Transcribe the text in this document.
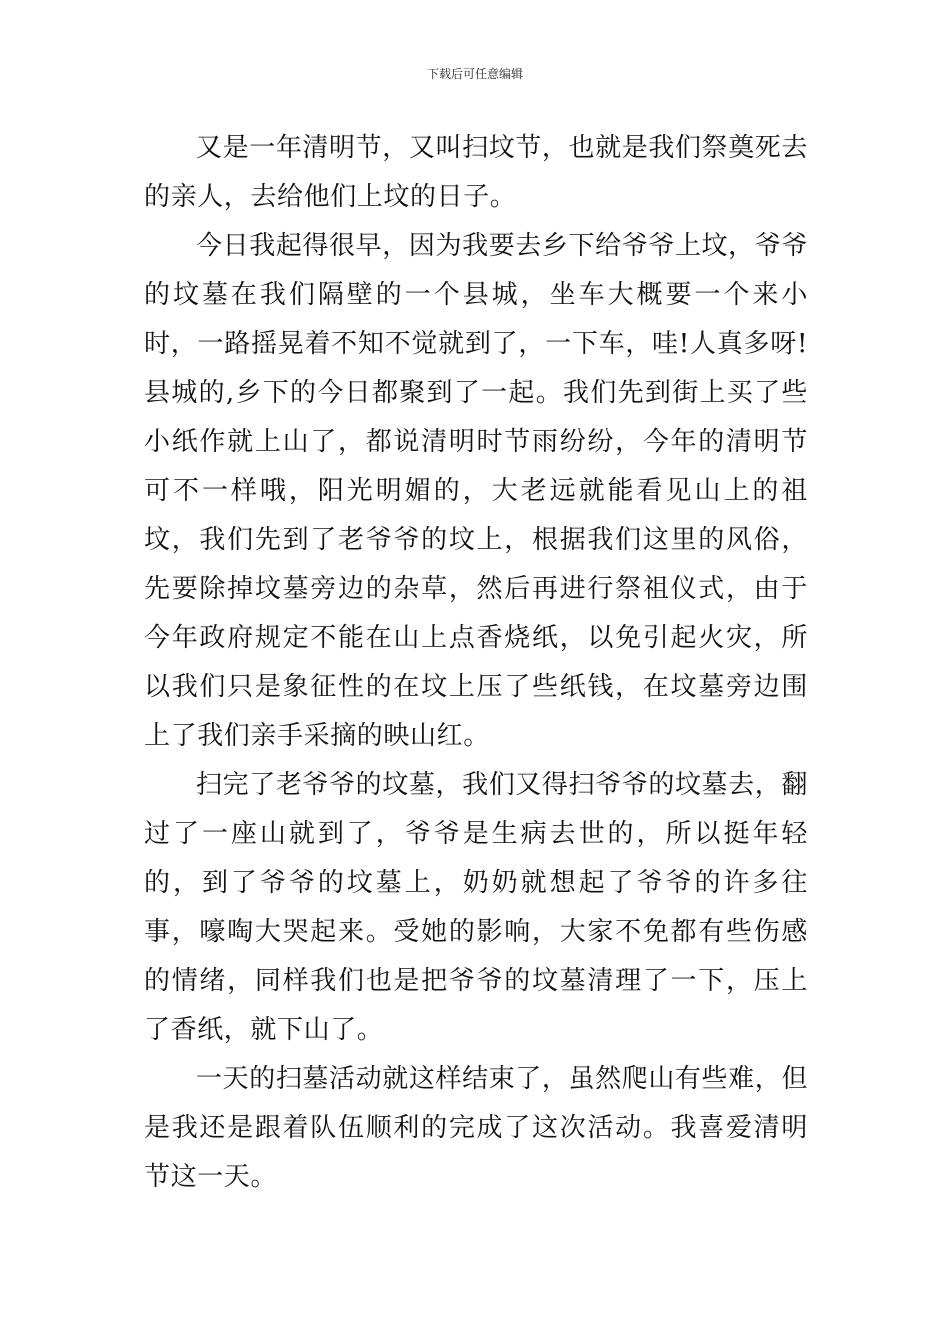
下载后可任意编辑

又是一年清明节，又叫扫坟节，也就是我们祭奠死去的亲人，去给他们上坟的日子。

今日我起得很早，因为我要去乡下给爷爷上坟，爷爷的坟墓在我们隔壁的一个县城，坐车大概要一个来小时，一路摇晃着不知不觉就到了，一下车，哇!人真多呀!县城的,乡下的今日都聚到了一起。我们先到街上买了些小纸作就上山了，都说清明时节雨纷纷，今年的清明节可不一样哦，阳光明媚的，大老远就能看见山上的祖坟，我们先到了老爷爷的坟上，根据我们这里的风俗，先要除掉坟墓旁边的杂草，然后再进行祭祖仪式，由于今年政府规定不能在山上点香烧纸，以免引起火灾，所以我们只是象征性的在坟上压了些纸钱，在坟墓旁边围上了我们亲手采摘的映山红。

扫完了老爷爷的坟墓，我们又得扫爷爷的坟墓去，翻过了一座山就到了，爷爷是生病去世的，所以挺年轻的，到了爷爷的坟墓上，奶奶就想起了爷爷的许多往事，嚎啕大哭起来。受她的影响，大家不免都有些伤感的情绪，同样我们也是把爷爷的坟墓清理了一下，压上了香纸，就下山了。

一天的扫墓活动就这样结束了，虽然爬山有些难，但是我还是跟着队伍顺利的完成了这次活动。我喜爱清明节这一天。
